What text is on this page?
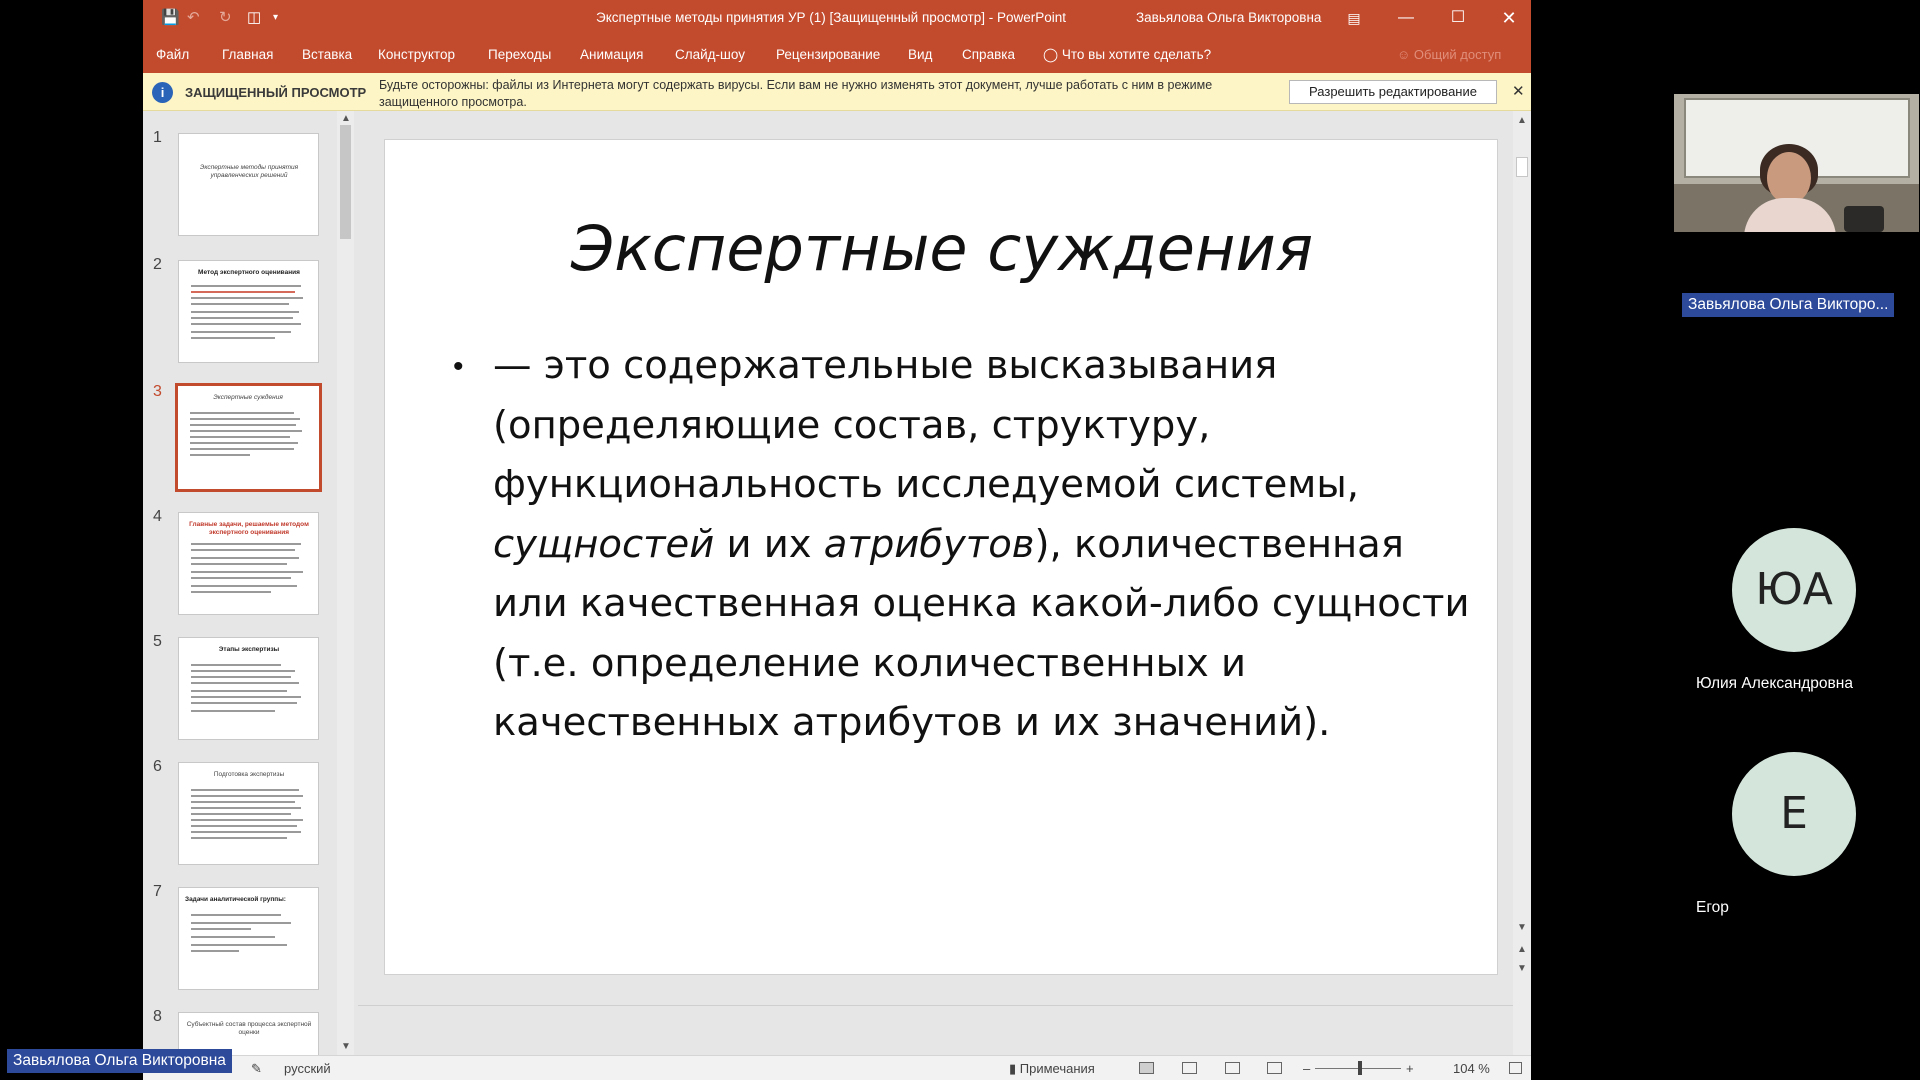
💾 ↶ ↻ ◫ ▾	Экспертные методы принятия УР (1) [Защищенный просмотр] - PowerPoint	Завьялова Ольга Викторовна	▤	—	☐	✕
Файл Главная Вставка Конструктор Переходы Анимация Слайд-шоу Рецензирование Вид Справка ◯ Что вы хотите сделать?	☺ Общий доступ
i	ЗАЩИЩЕННЫЙ ПРОСМОТР Будьте осторожны: файлы из Интернета могут содержать вирусы. Если вам не нужно изменять этот документ, лучше работать с ним в режиме защищенного просмотра.
Разрешить редактирование	✕
1
Экспертные методы принятия управленческих решений
2	Метод экспертного оценивания
3	Экспертные суждения
4	Главные задачи, решаемые методом экспертного оценивания
5	Этапы экспертизы
6	Подготовка экспертизы
7	Задачи аналитической группы:
8	Субъектный состав процесса экспертной оценки
▲
▼
Экспертные суждения
• — это содержательные высказывания (определяющие состав, структуру, функциональность исследуемой системы, сущностей и их атрибутов), количественная или качественная оценка какой-либо сущности (т.е. определение количественных и качественных атрибутов и их значений).
▲
▼
▲
▼
✎ русский	▮ Примечания	–	+	104 %
Завьялова Ольга Викторовна
Завьялова Ольга Викторо...
ЮА
Юлия Александровна
Е
Егор
